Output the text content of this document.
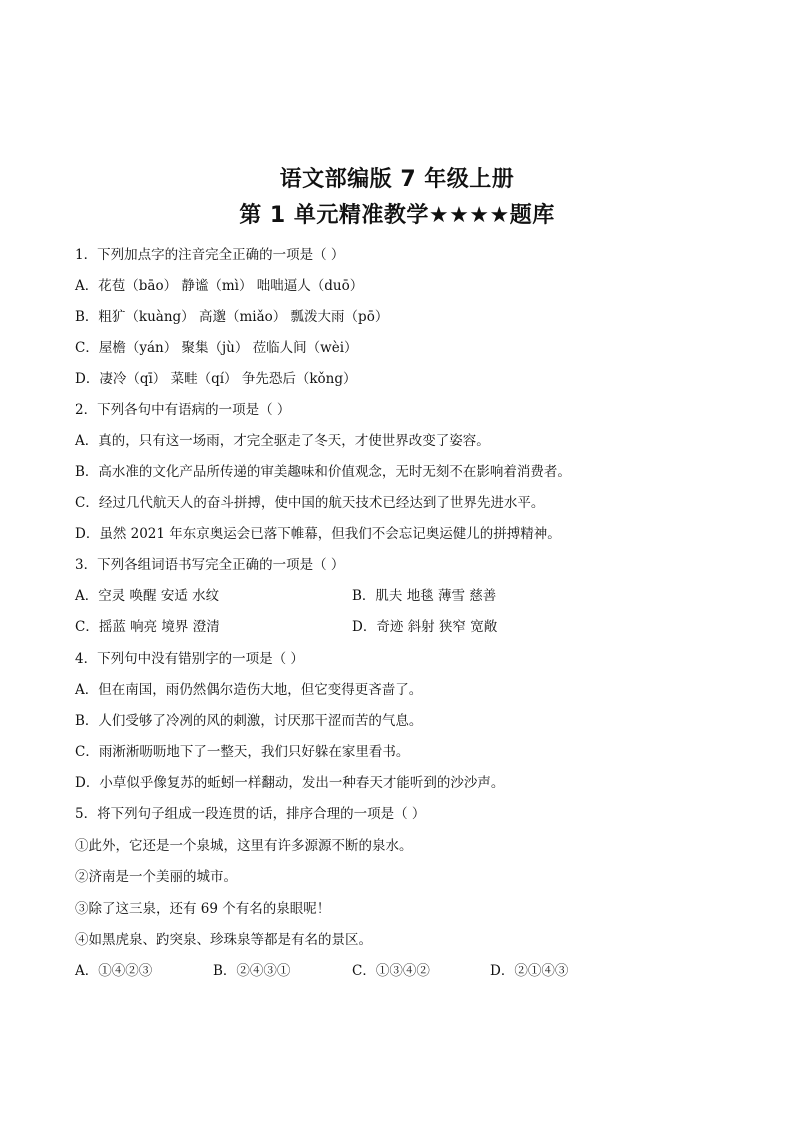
语文部编版 7 年级上册
第 1 单元精准教学★★★★题库
1．下列加点字的注音完全正确的一项是（ ）
A．花苞（bāo） 静谧（mì） 咄咄逼人（duō）
B．粗犷（kuàng） 高邈（miǎo） 瓢泼大雨（pō）
C．屋檐（yán） 聚集（jù） 莅临人间（wèi）
D．凄冷（qī） 菜畦（qí） 争先恐后（kǒng）
2．下列各句中有语病的一项是（ ）
A．真的，只有这一场雨，才完全驱走了冬天，才使世界改变了姿容。
B．高水准的文化产品所传递的审美趣味和价值观念，无时无刻不在影响着消费者。
C．经过几代航天人的奋斗拼搏，使中国的航天技术已经达到了世界先进水平。
D．虽然 2021 年东京奥运会已落下帷幕，但我们不会忘记奥运健儿的拼搏精神。
3．下列各组词语书写完全正确的一项是（ ）
A．空灵 唤醒 安适 水纹	B．肌夫 地毯 薄雪 慈善
C．摇蓝 响亮 境界 澄清	D．奇迹 斜射 狭窄 宽敞
4．下列句中没有错别字的一项是（ ）
A．但在南国，雨仍然偶尔造伤大地，但它变得更吝啬了。
B．人们受够了冷冽的风的刺激，讨厌那干涩而苦的气息。
C．雨淅淅呖呖地下了一整天，我们只好躲在家里看书。
D．小草似乎像复苏的蚯蚓一样翻动，发出一种春天才能听到的沙沙声。
5．将下列句子组成一段连贯的话，排序合理的一项是（ ）
①此外，它还是一个泉城，这里有许多源源不断的泉水。
②济南是一个美丽的城市。
③除了这三泉，还有 69 个有名的泉眼呢！
④如黑虎泉、趵突泉、珍珠泉等都是有名的景区。
A．①④②③	B．②④③①	C．①③④②	D．②①④③
